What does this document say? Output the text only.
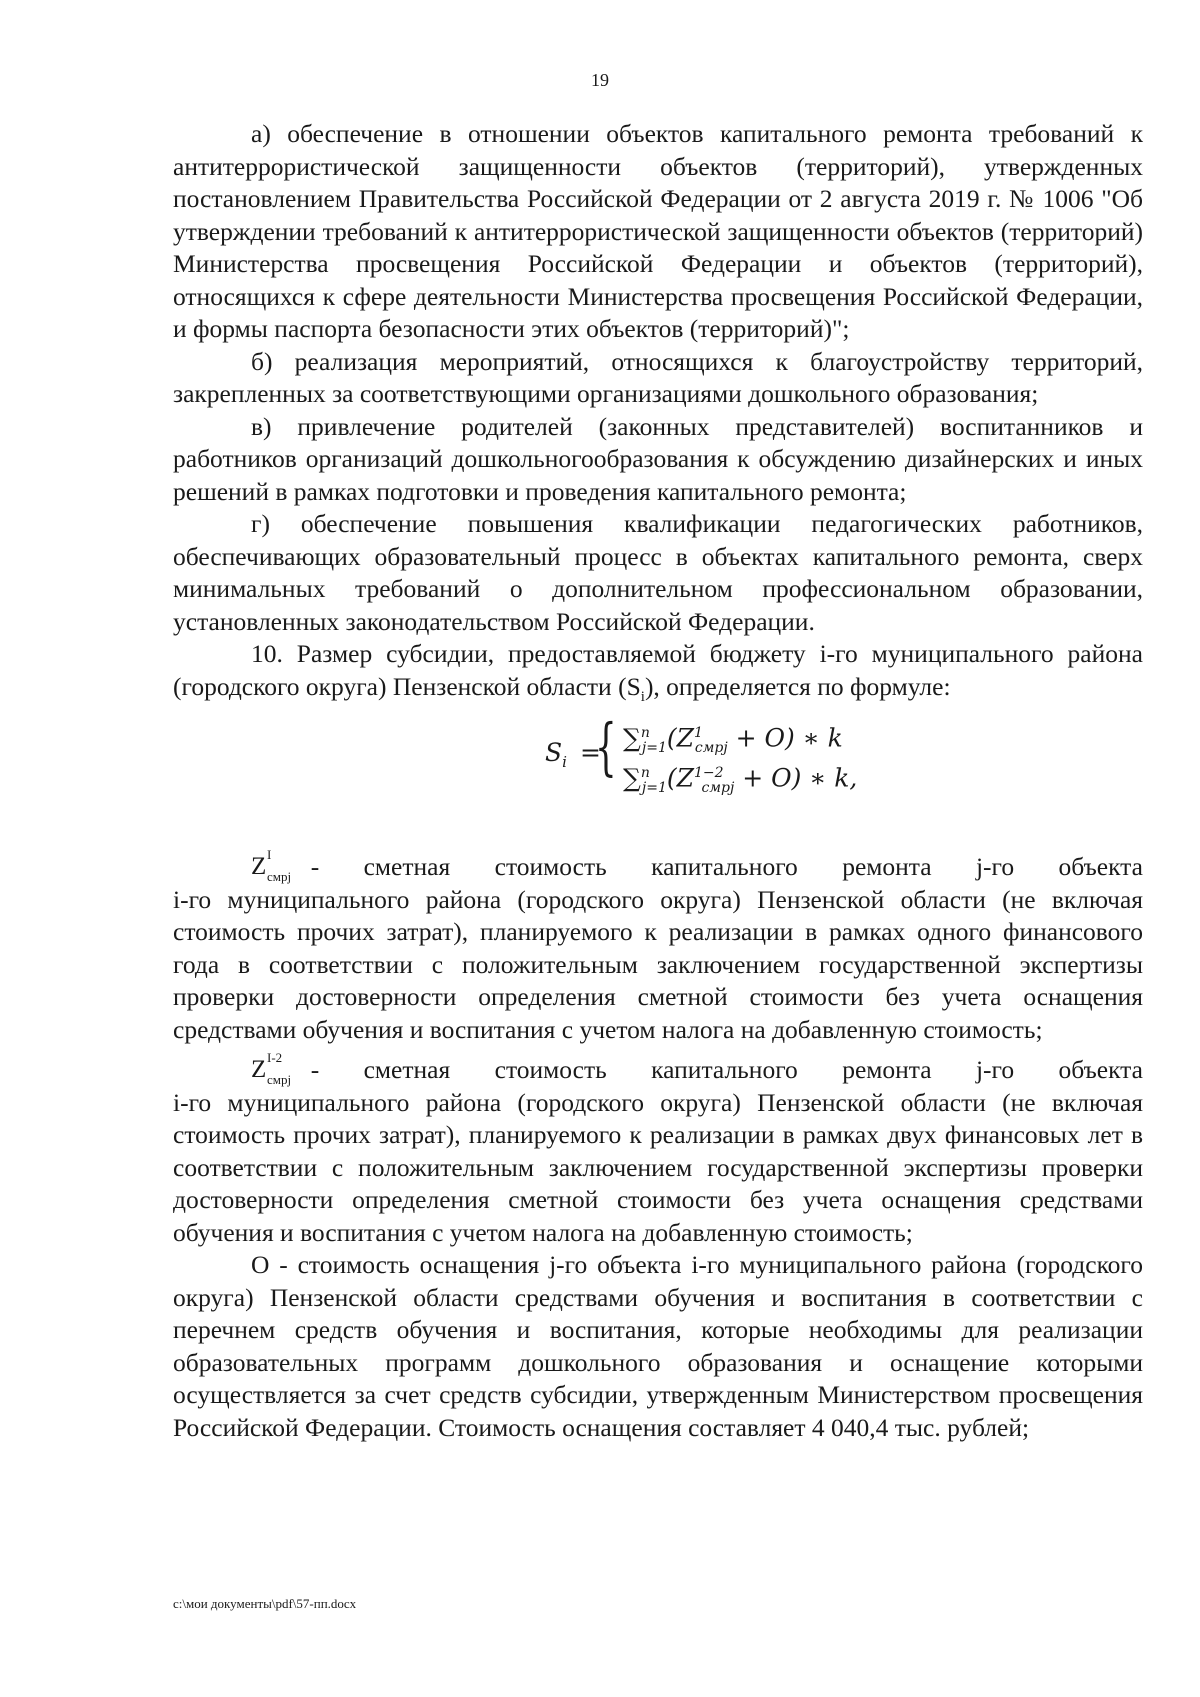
19

а) обеспечение в отношении объектов капитального ремонта требований к антитеррористической защищенности объектов (территорий), утвержденных постановлением Правительства Российской Федерации от 2 августа 2019 г. № 1006 "Об утверждении требований к антитеррористической защищенности объектов (территорий) Министерства просвещения Российской Федерации и объектов (территорий), относящихся к сфере деятельности Министерства просвещения Российской Федерации, и формы паспорта безопасности этих объектов (территорий)";

б) реализация мероприятий, относящихся к благоустройству территорий, закрепленных за соответствующими организациями дошкольного образования;

в) привлечение родителей (законных представителей) воспитанников и работников организаций дошкольногообразования к обсуждению дизайнерских и иных решений в рамках подготовки и проведения капитального ремонта;

г) обеспечение повышения квалификации педагогических работников, обеспечивающих образовательный процесс в объектах капитального ремонта, сверх минимальных требований о дополнительном профессиональном образовании, установленных законодательством Российской Федерации.

10. Размер субсидии, предоставляемой бюджету i-го муниципального района (городского округа) Пензенской области $(S_i)$, определяется по формуле:

$S_i$ =
{ $\sum^n_{j=1}(Z^1_{смрj} + O)$ ∗ k
$\sum^n_{j=1}(Z^{1-2}_{смрj} + O)$ ∗ k,
Z I
смрj - сметная стоимость капитального ремонта j-го объекта

i-го муниципального района (городского округа) Пензенской области (не включая стоимость прочих затрат), планируемого к реализации в рамках одного финансового года в соответствии с положительным заключением государственной экспертизы проверки достоверности определения сметной стоимости без учета оснащения средствами обучения и воспитания с учетом налога на добавленную стоимость;

Z I-2
смрj - сметная стоимость капитального ремонта j-го объекта

i-го муниципального района (городского округа) Пензенской области (не включая стоимость прочих затрат), планируемого к реализации в рамках двух финансовых лет в соответствии с положительным заключением государственной экспертизы проверки достоверности определения сметной стоимости без учета оснащения средствами обучения и воспитания с учетом налога на добавленную стоимость;

О - стоимость оснащения j-го объекта i-го муниципального района (городского округа) Пензенской области средствами обучения и воспитания в соответствии с перечнем средств обучения и воспитания, которые необходимы для реализации образовательных программ дошкольного образования и оснащение которыми осуществляется за счет средств субсидии, утвержденным Министерством просвещения Российской Федерации. Стоимость оснащения составляет 4 040,4 тыс. рублей;

c:\мои документы\pdf\57-пп.docx
